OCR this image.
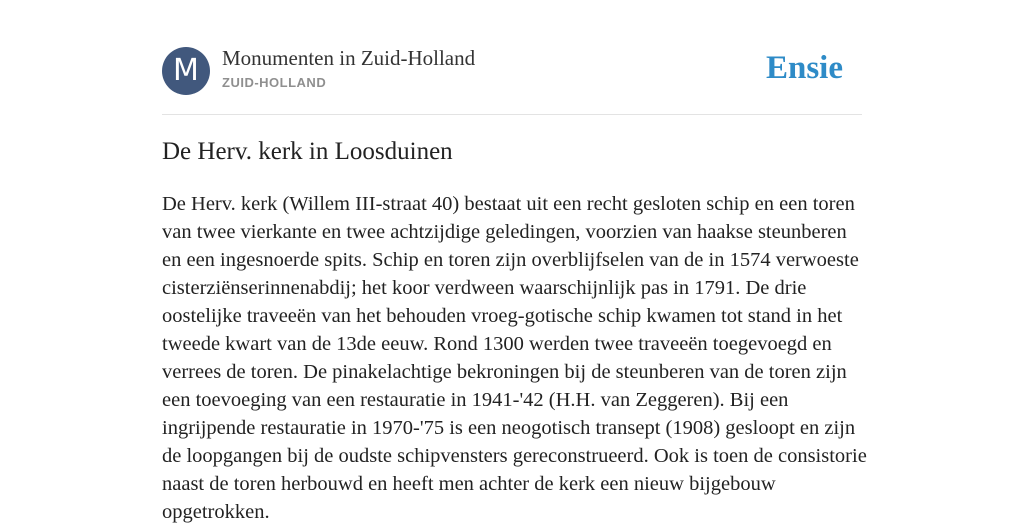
M	Monumenten in Zuid-Holland
ZUID-HOLLAND	Ensie
De Herv. kerk in Loosduinen

De Herv. kerk (Willem III-straat 40) bestaat uit een recht gesloten schip en een toren van twee vierkante en twee achtzijdige geledingen, voorzien van haakse steunberen en een ingesnoerde spits. Schip en toren zijn overblijfselen van de in 1574 verwoeste cisterziënserinnenabdij; het koor verdween waarschijnlijk pas in 1791. De drie oostelijke traveeën van het behouden vroeg-gotische schip kwamen tot stand in het tweede kwart van de 13de eeuw. Rond 1300 werden twee traveeën toegevoegd en verrees de toren. De pinakelachtige bekroningen bij de steunberen van de toren zijn een toevoeging van een restauratie in 1941-'42 (H.H. van Zeggeren). Bij een ingrijpende restauratie in 1970-'75 is een neogotisch transept (1908) gesloopt en zijn de loopgangen bij de oudste schipvensters gereconstrueerd. Ook is toen de consistorie naast de toren herbouwd en heeft men achter de kerk een nieuw bijgebouw opgetrokken.
